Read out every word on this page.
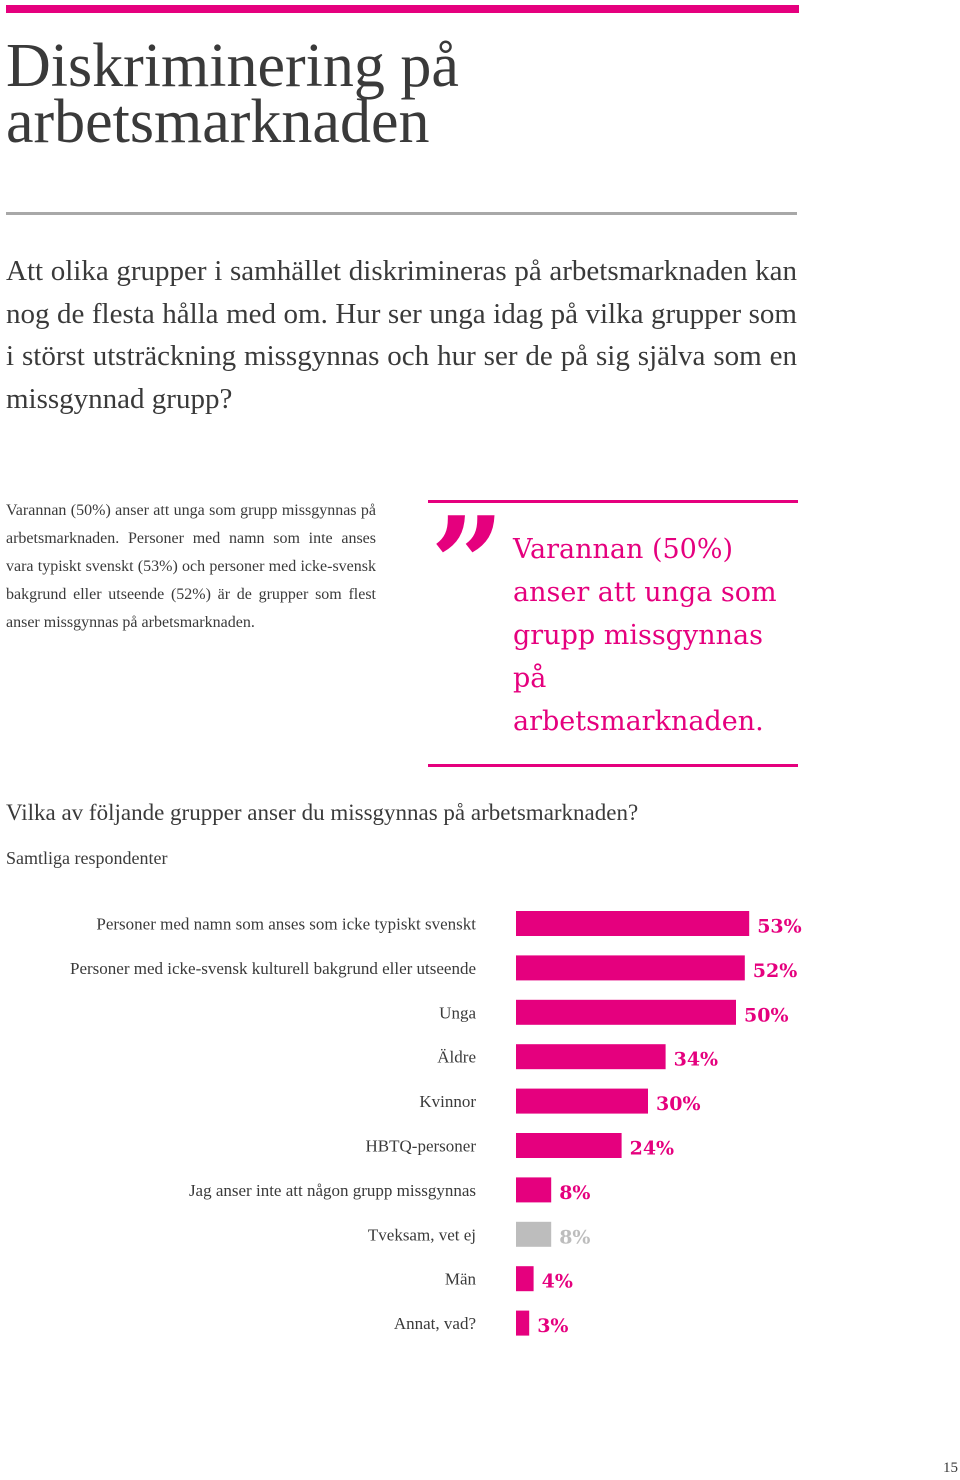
Diskriminering på arbetsmarknaden

Att olika grupper i samhället diskrimineras på arbetsmarknaden kan nog de flesta hålla med om. Hur ser unga idag på vilka grupper som i störst utsträckning missgynnas och hur ser de på sig själva som en missgynnad grupp?

Varannan (50%) anser att unga som grupp missgynnas på arbetsmarknaden. Personer med namn som inte anses vara typiskt svenskt (53%) och personer med icke-svensk bakgrund eller utseende (52%) är de grupper som flest anser missgynnas på arbetsmarknaden.	” Varannan (50%) anser att unga som grupp missgynnas på arbetsmarknaden.

Vilka av följande grupper anser du missgynnas på arbetsmarknaden?

Samtliga respondenter

Personer med namn som anses som icke typiskt svenskt	53%
Personer med icke-svensk kulturell bakgrund eller utseende	52%
Unga	50%
Äldre	34%
Kvinnor	30%
HBTQ-personer	24%
Jag anser inte att någon grupp missgynnas	8%
Tveksam, vet ej	8%
Män	4%
Annat, vad?	3%
15
